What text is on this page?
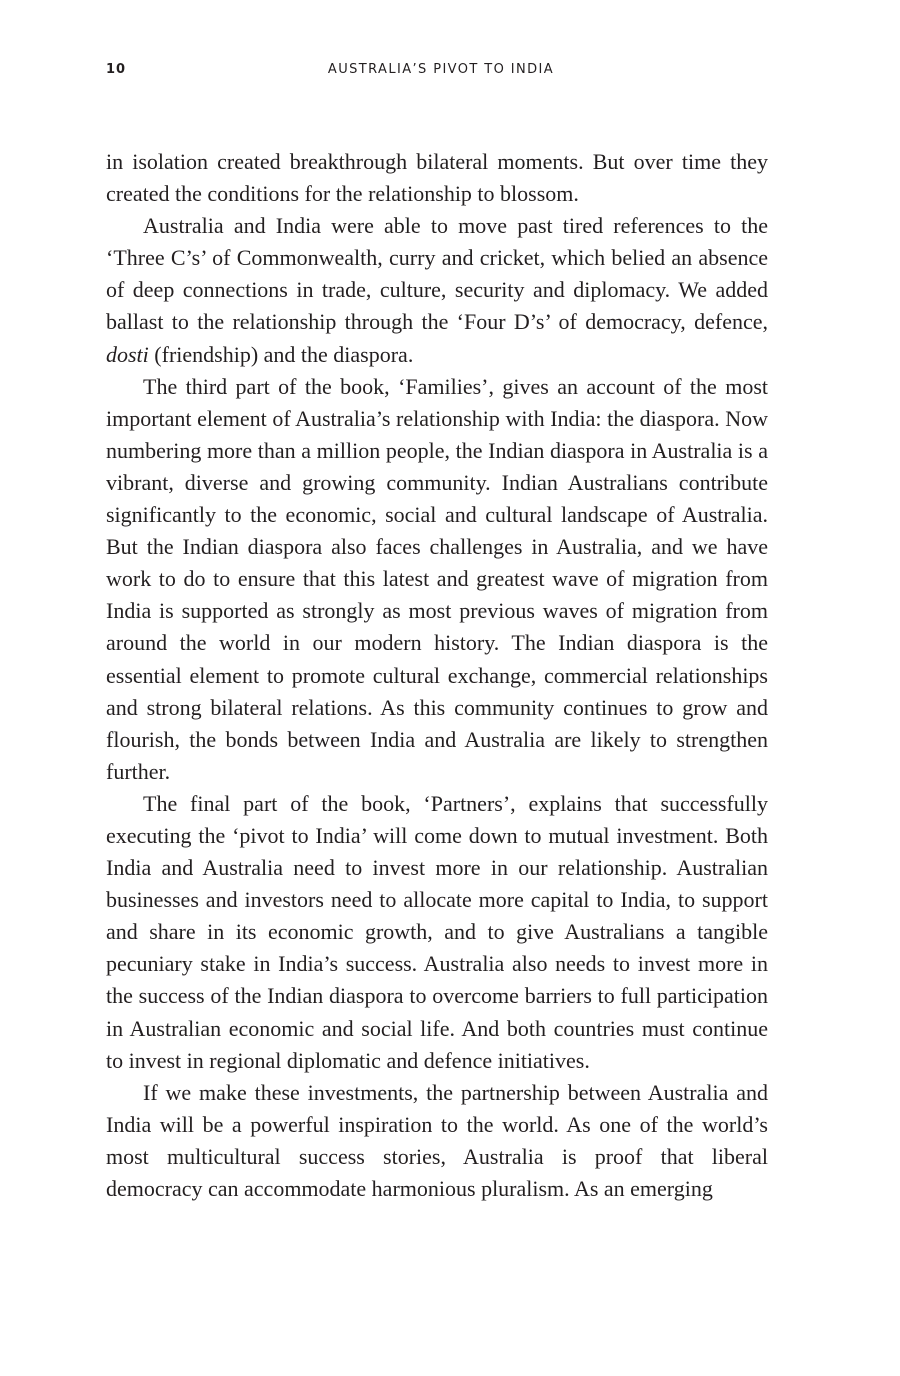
10	AUSTRALIA’S PIVOT TO INDIA

in isolation created breakthrough bilateral moments. But over time they created the conditions for the relationship to blossom.

Australia and India were able to move past tired references to the ‘Three C’s’ of Commonwealth, curry and cricket, which belied an absence of deep connections in trade, culture, security and diplomacy. We added ballast to the relationship through the ‘Four D’s’ of democracy, defence, dosti (friendship) and the diaspora.

The third part of the book, ‘Families’, gives an account of the most important element of Australia’s relationship with India: the diaspora. Now numbering more than a million people, the Indian diaspora in Australia is a vibrant, diverse and growing community. Indian Australians contribute significantly to the economic, social and cultural landscape of Australia. But the Indian diaspora also faces challenges in Australia, and we have work to do to ensure that this latest and greatest wave of migration from India is supported as strongly as most previous waves of migration from around the world in our modern history. The Indian diaspora is the essential element to promote cultural exchange, commercial relationships and strong bilateral relations. As this community continues to grow and flourish, the bonds between India and Australia are likely to strengthen further.

The final part of the book, ‘Partners’, explains that successfully executing the ‘pivot to India’ will come down to mutual investment. Both India and Australia need to invest more in our relationship. Australian businesses and investors need to allocate more capital to India, to support and share in its economic growth, and to give Australians a tangible pecuniary stake in India’s success. Australia also needs to invest more in the success of the Indian diaspora to overcome barriers to full participation in Australian economic and social life. And both countries must continue to invest in regional diplomatic and defence initiatives.

If we make these investments, the partnership between Australia and India will be a powerful inspiration to the world. As one of the world’s most multicultural success stories, Australia is proof that liberal democracy can accommodate harmonious pluralism. As an emerging
